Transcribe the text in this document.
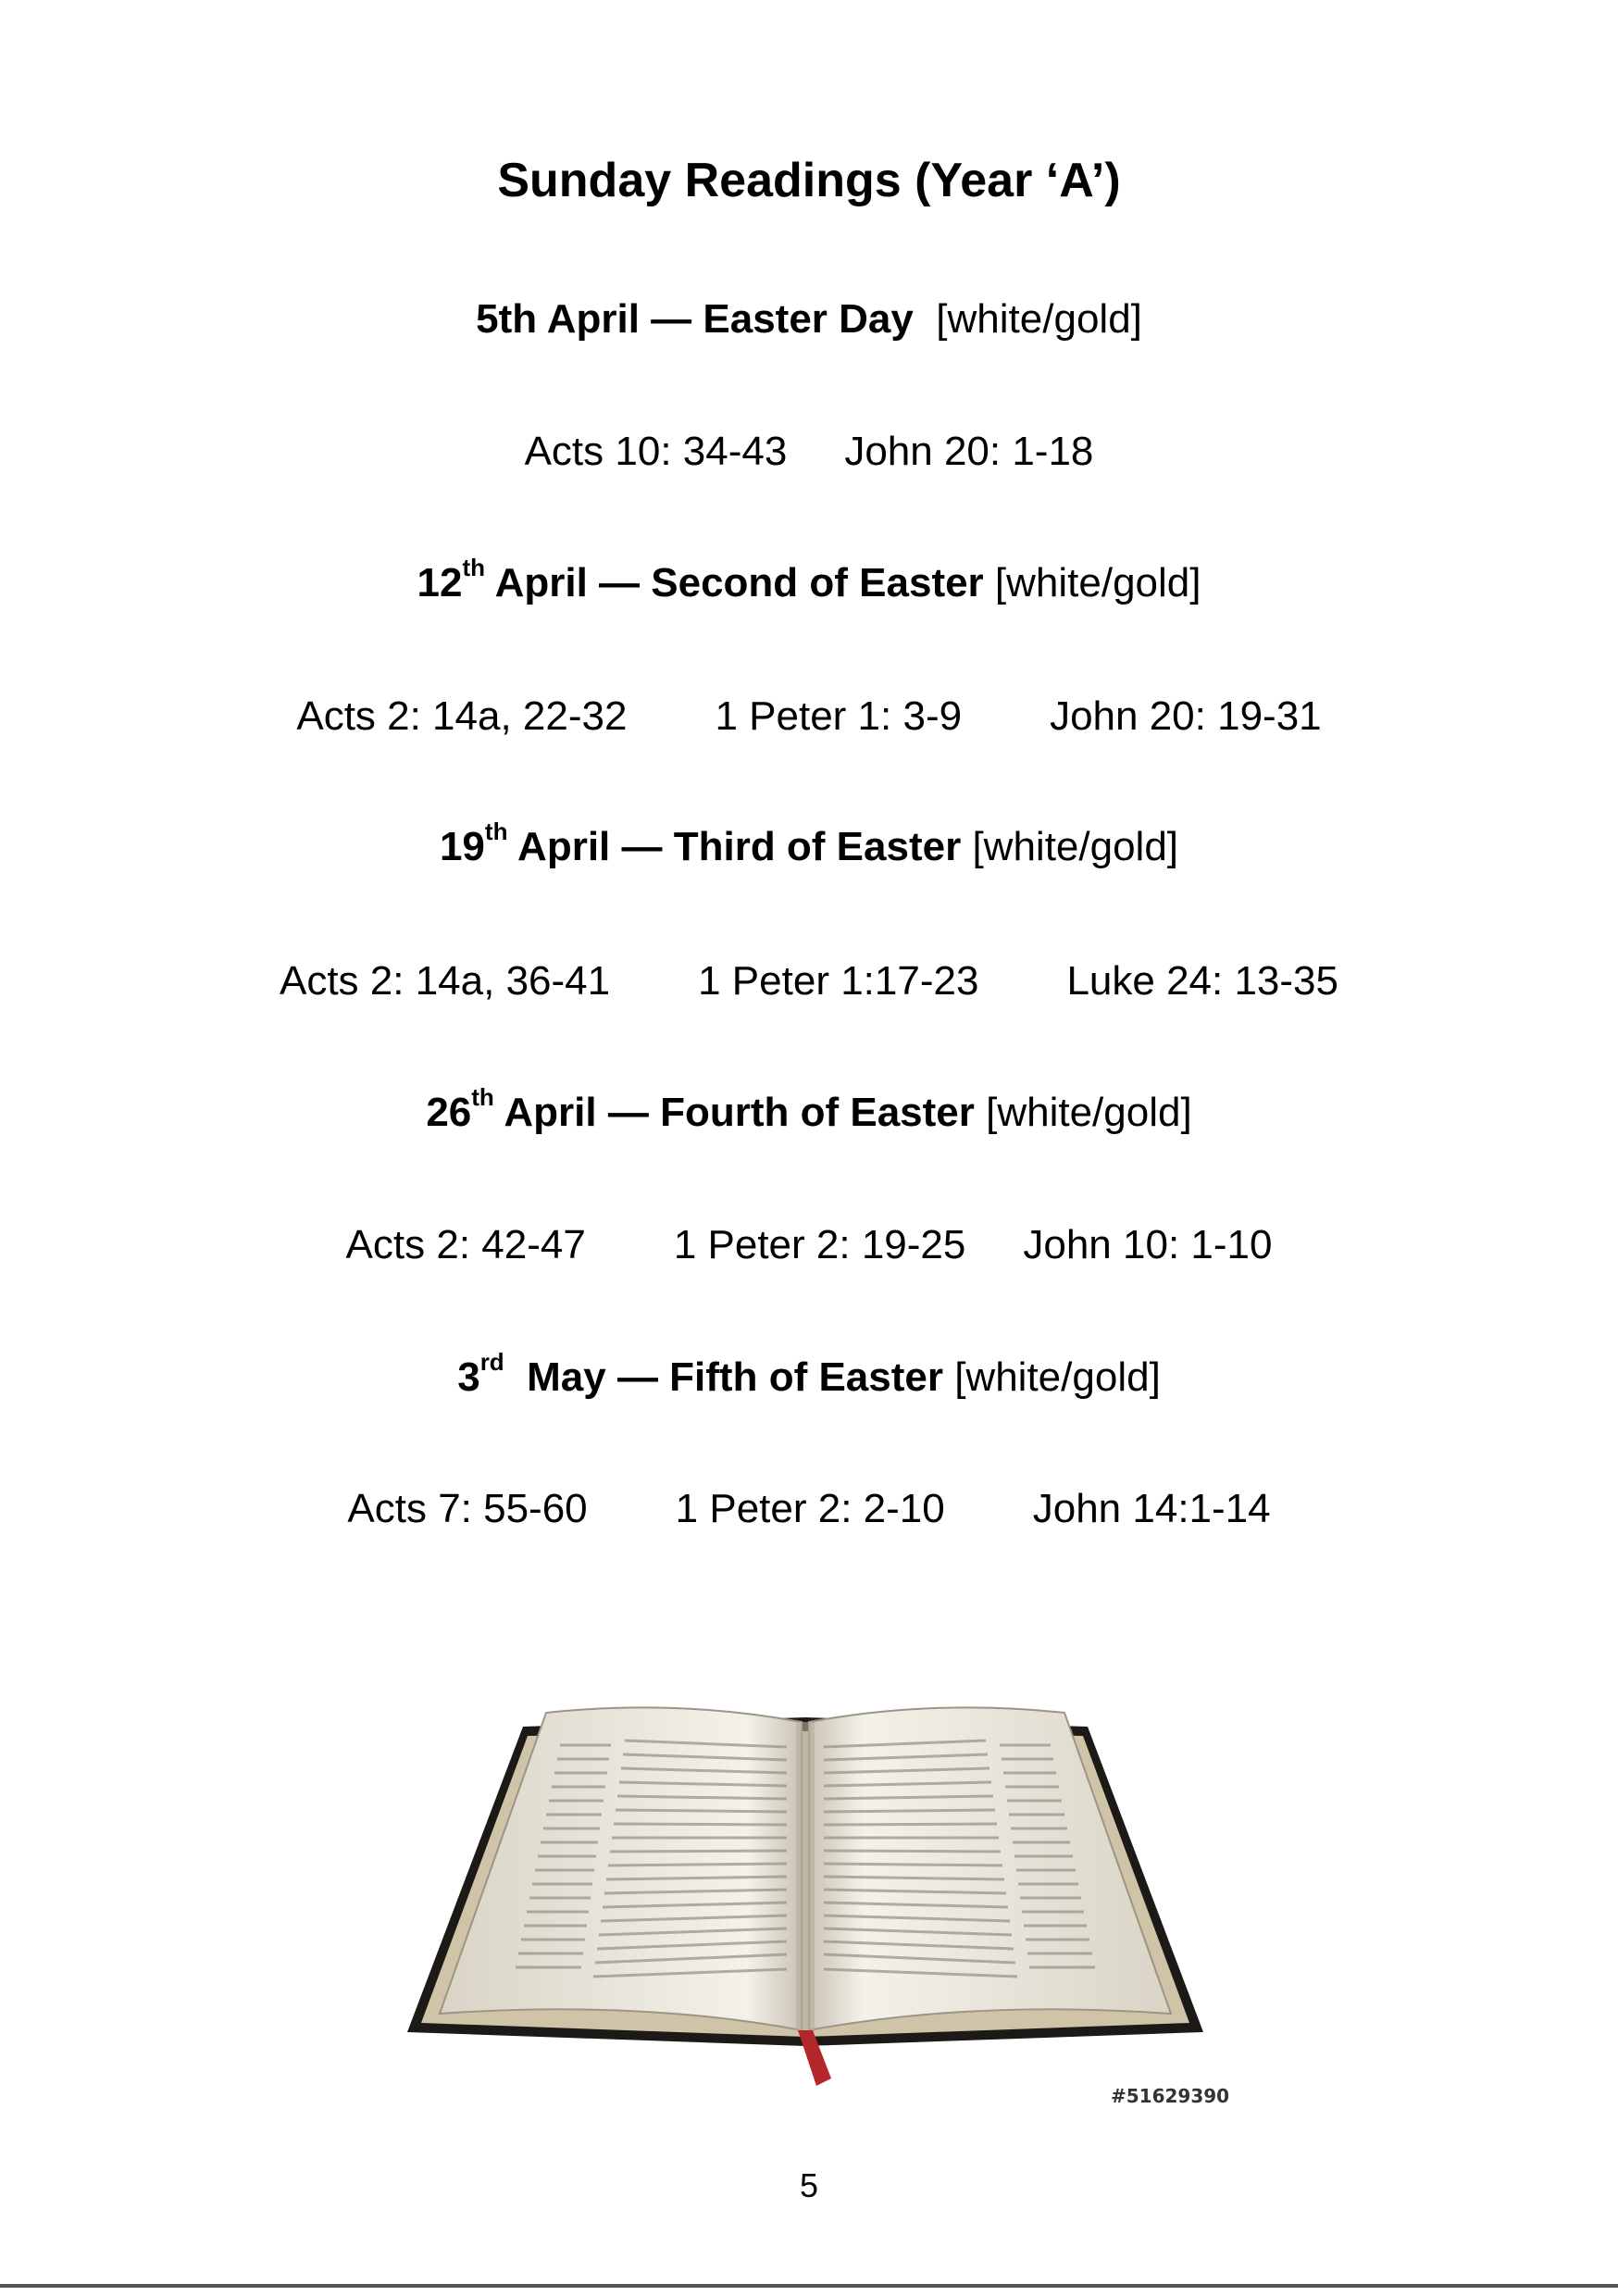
Sunday Readings (Year ‘A’)
5th April — Easter Day  [white/gold]
Acts 10: 34-43 John 20: 1-18
12th April — Second of Easter [white/gold]
Acts 2: 14a, 22-32 1 Peter 1: 3-9 John 20: 19-31
19th April — Third of Easter [white/gold]
Acts 2: 14a, 36-41 1 Peter 1:17-23 Luke 24: 13-35
26th April — Fourth of Easter [white/gold]
Acts 2: 42-47 1 Peter 2: 19-25 John 10: 1-10
3rd  May — Fifth of Easter [white/gold]
Acts 7: 55-60 1 Peter 2: 2-10 John 14:1-14
#51629390
5
